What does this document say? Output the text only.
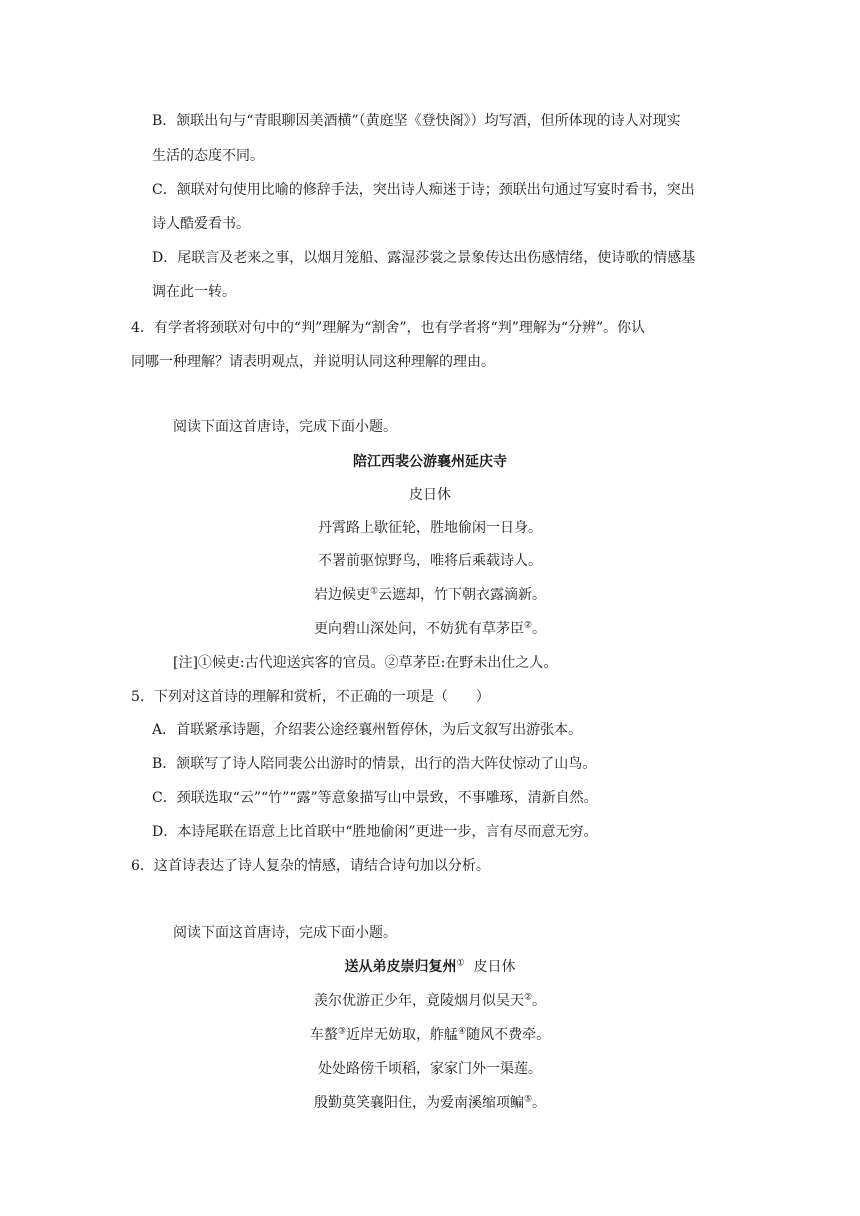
B．颔联出句与“青眼聊因美酒横”（黄庭坚《登快阁》）均写酒，但所体现的诗人对现实
生活的态度不同。
C．颔联对句使用比喻的修辞手法，突出诗人痴迷于诗；颈联出句通过写宴时看书，突出
诗人酷爱看书。
D．尾联言及老来之事，以烟月笼船、露湿莎裳之景象传达出伤感情绪，使诗歌的情感基
调在此一转。
4．有学者将颈联对句中的“判”理解为“割舍”，也有学者将“判”理解为“分辨”。你认
同哪一种理解？请表明观点，并说明认同这种理解的理由。
阅读下面这首唐诗，完成下面小题。
陪江西裴公游襄州延庆寺
皮日休
丹霄路上歇征轮，胜地偷闲一日身。
不署前驱惊野鸟，唯将后乘载诗人。
岩边候吏①云遮却，竹下朝衣露滴新。
更向碧山深处问，不妨犹有草茅臣②。
[注]①候吏:古代迎送宾客的官员。②草茅臣:在野未出仕之人。
5．下列对这首诗的理解和赏析，不正确的一项是（　　）
A．首联紧承诗题，介绍裴公途经襄州暂停休，为后文叙写出游张本。
B．颔联写了诗人陪同裴公出游时的情景，出行的浩大阵仗惊动了山鸟。
C．颈联选取“云”“竹”“露”等意象描写山中景致，不事雕琢，清新自然。
D．本诗尾联在语意上比首联中“胜地偷闲”更进一步，言有尽而意无穷。
6．这首诗表达了诗人复杂的情感，请结合诗句加以分析。
阅读下面这首唐诗，完成下面小题。
送从弟皮崇归复州① 皮日休
羡尔优游正少年，竟陵烟月似吴天②。
车螯③近岸无妨取，舴艋④随风不费牵。
处处路傍千顷稻，家家门外一渠莲。
殷勤莫笑襄阳住，为爱南溪缩项鳊⑤。
